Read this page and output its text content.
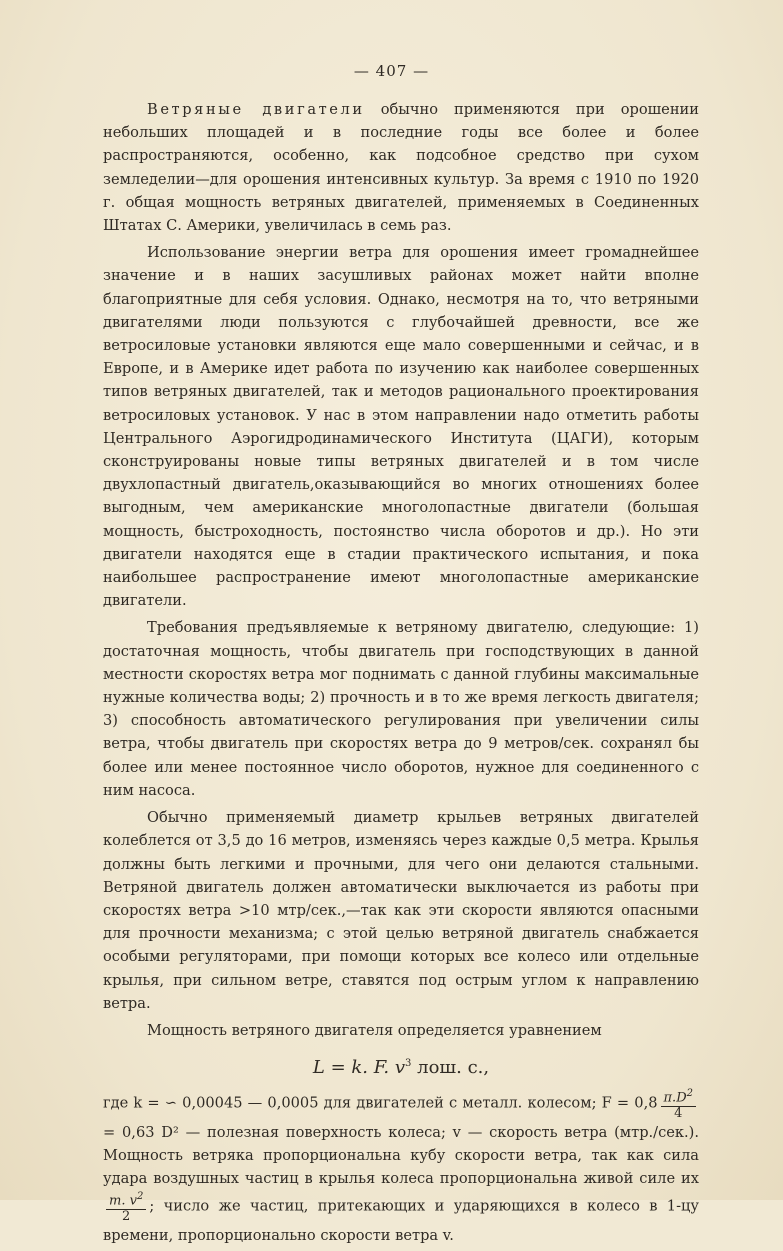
— 407 —

Ветряные двигатели обычно применяются при орошении небольших площадей и в последние годы все более и более распространяются, особенно, как подсобное средство при сухом земледелии—для орошения интенсивных культур. За время с 1910 по 1920 г. общая мощность ветряных двигателей, применяемых в Соединенных Штатах С. Америки, увеличилась в семь раз.

Использование энергии ветра для орошения имеет громаднейшее значение и в наших засушливых районах может найти вполне благоприятные для себя условия. Однако, несмотря на то, что ветряными двигателями люди пользуются с глубочайшей древности, все же ветросиловые установки являются еще мало совершенными и сейчас, и в Европе, и в Америке идет работа по изучению как наиболее совершенных типов ветряных двигателей, так и методов рационального проектирования ветросиловых установок. У нас в этом направлении надо отметить работы Центрального Аэрогидродинамического Института (ЦАГИ), которым сконструированы новые типы ветряных двигателей и в том числе двухлопастный двигатель,оказывающийся во многих отношениях более выгодным, чем американские многолопастные двигатели (большая мощность, быстроходность, постоянство числа оборотов и др.). Но эти двигатели находятся еще в стадии практического испытания, и пока наибольшее распространение имеют многолопастные американские двигатели.

Требования предъявляемые к ветряному двигателю, следующие: 1) достаточная мощность, чтобы двигатель при господствующих в данной местности скоростях ветра мог поднимать с данной глубины максимальные нужные количества воды; 2) прочность и в то же время легкость двигателя; 3) способность автоматического регулирования при увеличении силы ветра, чтобы двигатель при скоростях ветра до 9 метров/сек. сохранял бы более или менее постоянное число оборотов, нужное для соединенного с ним насоса.

Обычно применяемый диаметр крыльев ветряных двигателей колеблется от 3,5 до 16 метров, изменяясь через каждые 0,5 метра. Крылья должны быть легкими и прочными, для чего они делаются стальными. Ветряной двигатель должен автоматически выключается из работы при скоростях ветра >10 мтр/сек.,—так как эти скорости являются опасными для прочности механизма; с этой целью ветряной двигатель снабжается особыми регуляторами, при помощи которых все колесо или отдельные крылья, при сильном ветре, ставятся под острым углом к направлению ветра.

Мощность ветряного двигателя определяется уравнением

L = k. F. $v^3$ лош. с.,

где k = ∽ 0,00045 — 0,0005 для двигателей с металл. колесом; $F = 0,8 \frac{\pi.D^2}{4}$
= 0,63 D² — полезная поверхность колеса; v — скорость ветра (мтр./сек.). Мощность ветряка пропорциональна кубу скорости ветра, так как сила удара воздушных частиц в крылья колеса пропорциональна живой силе их
$\frac{m. v^2}{2}$ ; число же частиц, притекающих и ударяющихся в колесо в 1-цу времени, пропорционально скорости ветра v.
